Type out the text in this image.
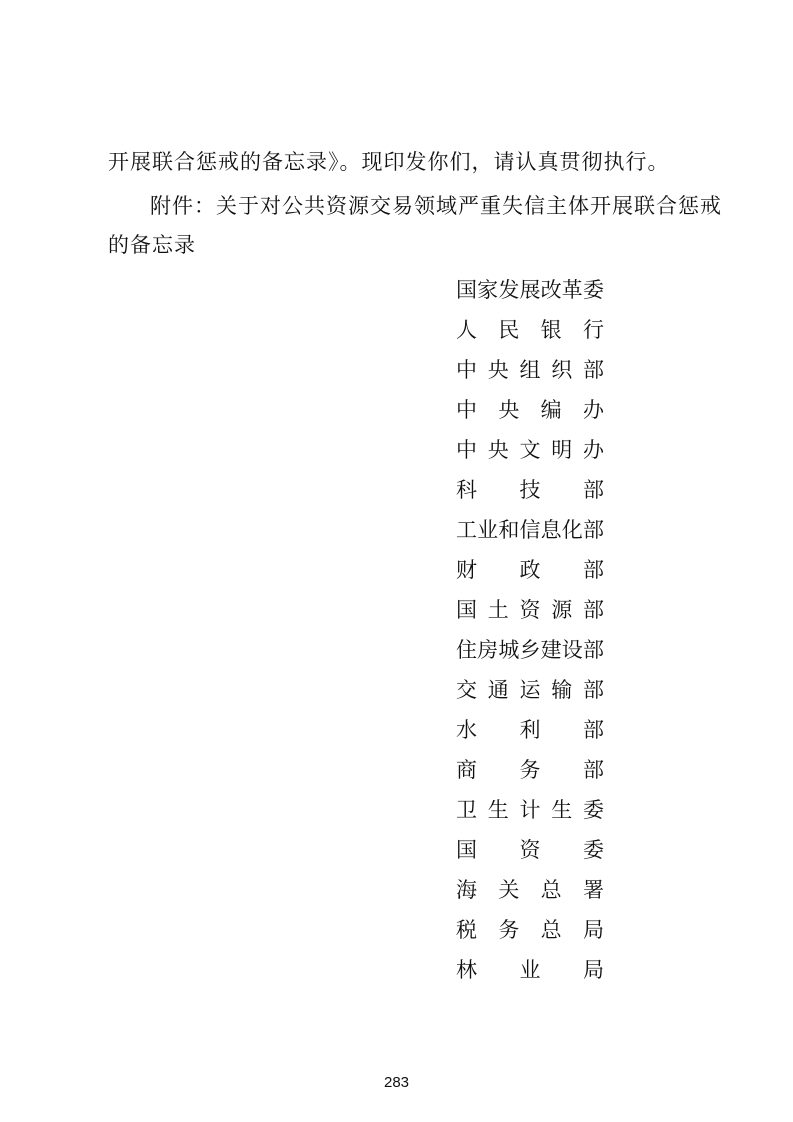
开展联合惩戒的备忘录》。现印发你们，请认真贯彻执行。
附件：关于对公共资源交易领域严重失信主体开展联合惩戒
的备忘录
国 家 发 展 改 革 委
人 民 银 行
中 央 组 织 部
中 央 编 办
中 央 文 明 办
科 技 部
工 业 和 信 息 化 部
财 政 部
国 土 资 源 部
住 房 城 乡 建 设 部
交 通 运 输 部
水 利 部
商 务 部
卫 生 计 生 委
国 资 委
海 关 总 署
税 务 总 局
林 业 局
283
